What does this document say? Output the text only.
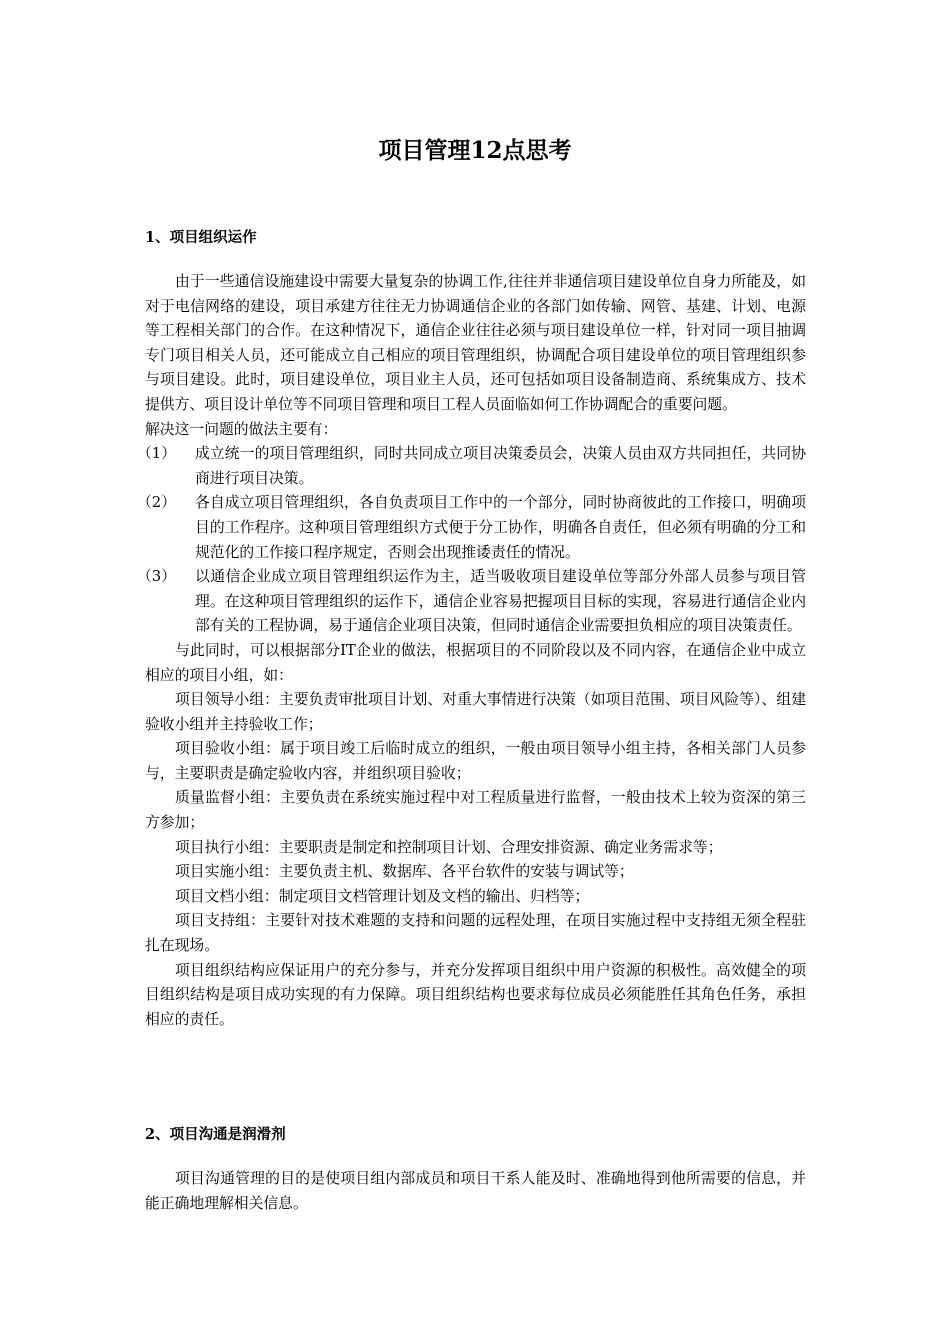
项目管理12点思考
1、项目组织运作

由于一些通信设施建设中需要大量复杂的协调工作,往往并非通信项目建设单位自身力所能及，如对于电信网络的建设，项目承建方往往无力协调通信企业的各部门如传输、网管、基建、计划、电源等工程相关部门的合作。在这种情况下，通信企业往往必须与项目建设单位一样，针对同一项目抽调专门项目相关人员，还可能成立自己相应的项目管理组织，协调配合项目建设单位的项目管理组织参与项目建设。此时，项目建设单位，项目业主人员，还可包括如项目设备制造商、系统集成方、技术提供方、项目设计单位等不同项目管理和项目工程人员面临如何工作协调配合的重要问题。

解决这一问题的做法主要有：

（1）	成立统一的项目管理组织，同时共同成立项目决策委员会，决策人员由双方共同担任，共同协商进行项目决策。
（2）	各自成立项目管理组织，各自负责项目工作中的一个部分，同时协商彼此的工作接口，明确项目的工作程序。这种项目管理组织方式便于分工协作，明确各自责任，但必须有明确的分工和规范化的工作接口程序规定，否则会出现推诿责任的情况。
（3）	以通信企业成立项目管理组织运作为主，适当吸收项目建设单位等部分外部人员参与项目管理。在这种项目管理组织的运作下，通信企业容易把握项目目标的实现，容易进行通信企业内部有关的工程协调，易于通信企业项目决策，但同时通信企业需要担负相应的项目决策责任。

与此同时，可以根据部分IT企业的做法，根据项目的不同阶段以及不同内容，在通信企业中成立相应的项目小组，如：

项目领导小组：主要负责审批项目计划、对重大事情进行决策（如项目范围、项目风险等）、组建验收小组并主持验收工作；

项目验收小组：属于项目竣工后临时成立的组织，一般由项目领导小组主持，各相关部门人员参与，主要职责是确定验收内容，并组织项目验收；

质量监督小组：主要负责在系统实施过程中对工程质量进行监督，一般由技术上较为资深的第三方参加；

项目执行小组：主要职责是制定和控制项目计划、合理安排资源、确定业务需求等；

项目实施小组：主要负责主机、数据库、各平台软件的安装与调试等；

项目文档小组：制定项目文档管理计划及文档的输出、归档等；

项目支持组：主要针对技术难题的支持和问题的远程处理，在项目实施过程中支持组无须全程驻扎在现场。

项目组织结构应保证用户的充分参与，并充分发挥项目组织中用户资源的积极性。高效健全的项目组织结构是项目成功实现的有力保障。项目组织结构也要求每位成员必须能胜任其角色任务，承担相应的责任。

2、项目沟通是润滑剂

项目沟通管理的目的是使项目组内部成员和项目干系人能及时、准确地得到他所需要的信息，并能正确地理解相关信息。
